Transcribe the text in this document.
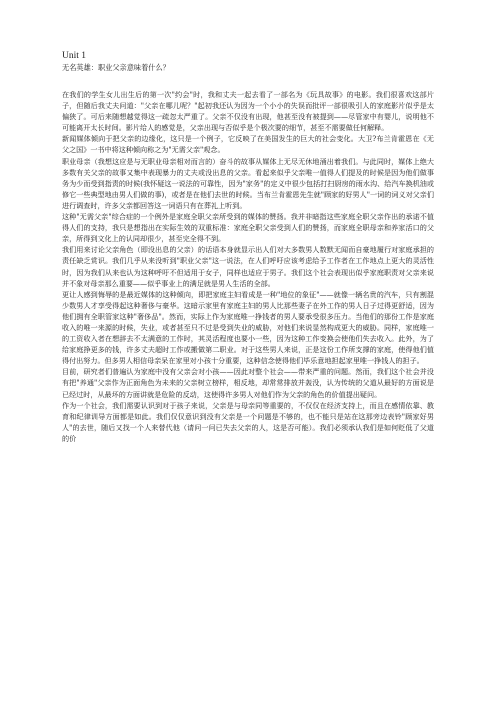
Unit 1

无名英雄：职业父亲意味着什么？

在我们的学生女儿出生后的第一次"约会"时，我和丈夫一起去看了一部名为《玩具故事》的电影。我们很喜欢这部片子，但随后我丈夫问道："父亲在哪儿呢？"起初我还认为因为一个小小的失误而批评一部很吸引人的家庭影片似乎是太偏狭了。可后来随想越觉得这一疏忽太严重了。父亲不仅没有出现，他甚至没有被提到——尽管家中有婴儿，说明他不可能离开太长时间。影片给人的感觉是，父亲出现与否似乎是个极次要的细节，甚至不需要做任何解释。

新闻媒体倾向于把父亲的边缘化，这只是一个例子，它反映了在美国发生的巨大的社会变化。大卫?布兰肯霍恩在《无父之国》一书中将这种倾向称之为"无需父亲"观念。

职业母亲（我想这应是与无职业母亲相对而言的）奋斗的故事从媒体上无尽无休地涌出着我们。与此同时，媒体上绝大多数有关父亲的故事又集中表现暴力的丈夫或没出息的父亲。看起来似乎父亲唯一值得人们提及的时候是因为他们做事务为少而受到指责的时候(我怀疑这一说法的可靠性，因为"家务"的定义中很少包括打扫厨房的雨水沟、给汽车换机油或修它一些典型地由男人们做的事)，或者是在他们去世的时候。当布兰肯霍恩先生就"顾家的好男人"一词的词义对父亲们进行调查时，许多父亲都回答这一词语只有在葬礼上听到。

这种"无需父亲"综合症的一个例外是家庭全职父亲所受到的媒体的赞扬。我并非暗指这些家庭全职父亲作出的承诺不值得人们的支持，我只是想指出在实际生效的双重标准：家庭全职父亲受到人们的赞扬，而家庭全职母亲和养家活口的父亲，所得到文化上的认同却很少，甚至完全得不到。

我们用来讨论父亲角色（即没出息的父亲）的话语本身就显示出人们对大多数男人数默无闻而自豪地履行对家庭承担的责任缺乏赏识。我们几乎从来没听到"职业父亲"这一说法，在人们呼吁应该考虑给予工作者在工作地点上更大的灵活性时，因为我们从来也认为这种呼吁不但适用于女子，同样也适应于男子。我们这个社会表现出似乎家庭职责对父亲来说并不象对母亲那么重要——似乎事业上的满足就是男人生活的全部。

更让人感到悔辱的是最近媒体的这种倾向，即把家庭主妇看成是一种"地位的象征"——就像一辆名贵的汽车，只有割混少数男人才享受得起这种奢侈与豪华。这暗示家里有家庭主妇的男人比那些妻子在外工作的男人日子过得更舒适，因为他们拥有全职管家这种"奢侈品"。然而，实际上作为家庭唯一挣钱者的男人要承受很多压力。当他们的那份工作是家庭收入的唯一来源的时候，失业，或者甚至只不过是受到失业的威胁，对他们来说显然构成更大的威胁。同样，家庭唯一的工资收入者在想辞去不太满意的工作时，其灵活程度也要小一些，因为这种工作变换会使他们失去收入。此外，为了给家庭挣更多的钱，许多丈夫超时工作或搬做第二职业。对于这些男人来说，正是这份工作所支撑的家庭，使得他们值得付出努力。但多男人相信母亲呆在家里对小孩十分重要，这种信念使得他们毕乐意地担起家里唯一挣钱人的担子。

目前，研究者们普遍认为家庭中没有父亲会对小孩——因此对整个社会——带来严重的问题。然而，我们这个社会并没有把"养通"父亲作为正面角色为未来的父亲树立榜样，相反地，却常常排放并轰没，认为传统的父道从最好的方面说是已经过时，从最坏的方面讲就是危险的反动，这使得许多男人对他们作为父亲的角色的价值提出疑问。

作为一个社会，我们需要认识到对于孩子来说，父亲是与母亲同等重要的，不仅仅在经济支持上，而且在感情依靠、教育和纪律训导方面都是如此。我们仅仅意识到没有父亲是一个问题是不够的，也不能只是站在这那旁边表铃"顾家好男人"的去世，随后又找一个人来替代他（请问一问已失去父亲的人，这是否可能）。我们必须承认我们是如何贬低了父道的价
